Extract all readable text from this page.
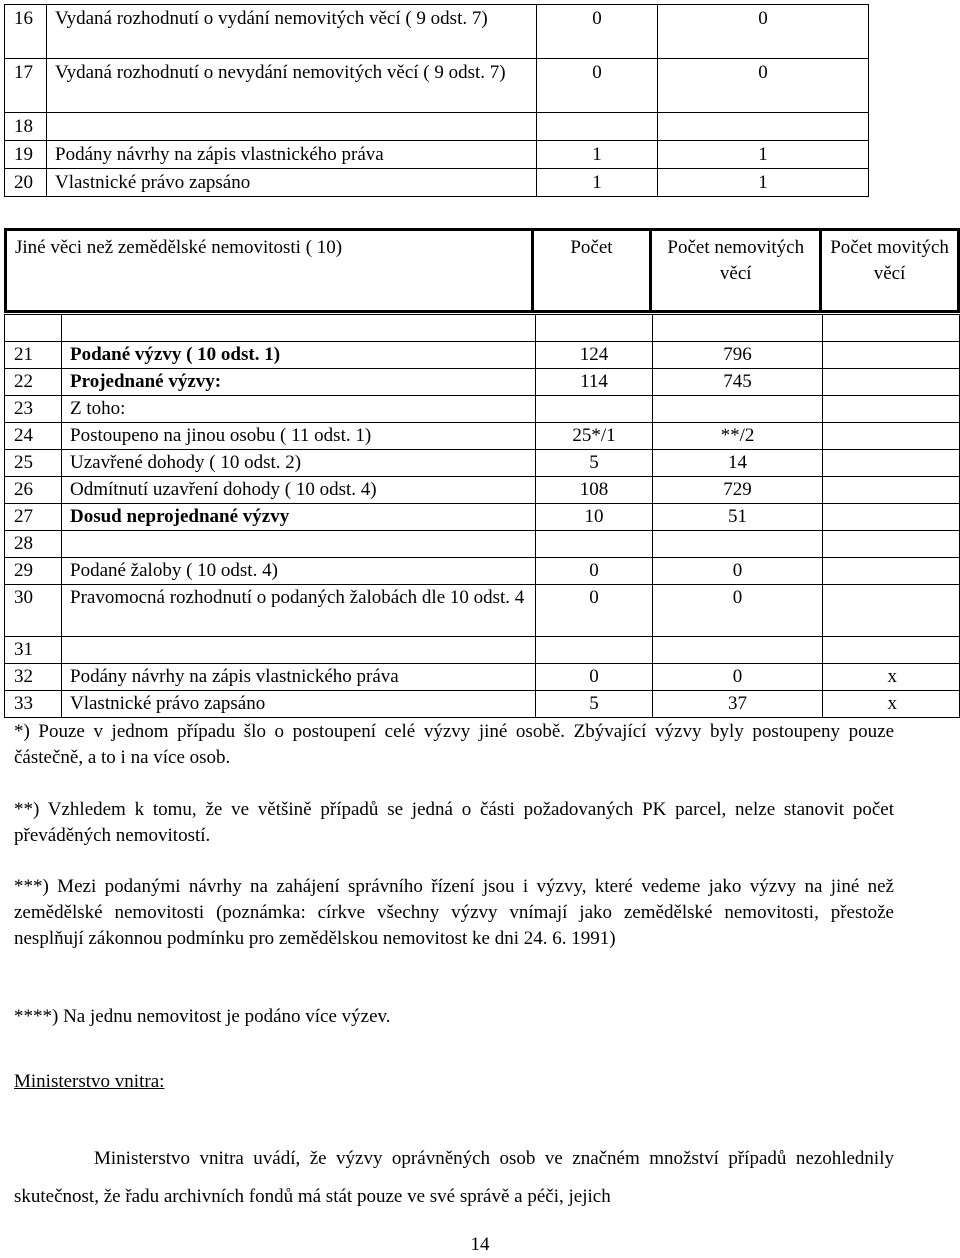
16	Vydaná rozhodnutí o vydání nemovitých věcí ( 9 odst. 7)	0	0
17	Vydaná rozhodnutí o nevydání nemovitých věcí ( 9 odst. 7)	0	0
18			
19	Podány návrhy na zápis vlastnického práva	1	1
20	Vlastnické právo zapsáno	1	1
Jiné věci než zemědělské nemovitosti ( 10)	Počet	Počet nemovitých věcí	Počet movitých věcí

21	Podané výzvy ( 10 odst. 1)	124	796	
22	Projednané výzvy:	114	745	
23	Z toho:			
24	Postoupeno na jinou osobu ( 11 odst. 1)	25*/1	**/2	
25	Uzavřené dohody ( 10 odst. 2)	5	14	
26	Odmítnutí uzavření dohody ( 10 odst. 4)	108	729	
27	Dosud neprojednané výzvy	10	51	
28				
29	Podané žaloby ( 10 odst. 4)	0	0	
30	Pravomocná rozhodnutí o podaných žalobách dle 10 odst. 4	0	0	
31				
32	Podány návrhy na zápis vlastnického práva	0	0	x
33	Vlastnické právo zapsáno	5	37	x

*) Pouze v jednom případu šlo o postoupení celé výzvy jiné osobě. Zbývající výzvy byly postoupeny pouze částečně, a to i na více osob.

**) Vzhledem k tomu, že ve většině případů se jedná o části požadovaných PK parcel, nelze stanovit počet převáděných nemovitostí.

***) Mezi podanými návrhy na zahájení správního řízení jsou i výzvy, které vedeme jako výzvy na jiné než zemědělské nemovitosti (poznámka: církve všechny výzvy vnímají jako zemědělské nemovitosti, přestože nesplňují zákonnou podmínku pro zemědělskou nemovitost ke dni 24. 6. 1991)

****) Na jednu nemovitost je podáno více výzev.

Ministerstvo vnitra:
Ministerstvo vnitra uvádí, že výzvy oprávněných osob ve značném množství případů nezohlednily skutečnost, že řadu archivních fondů má stát pouze ve své správě a péči, jejich
14
